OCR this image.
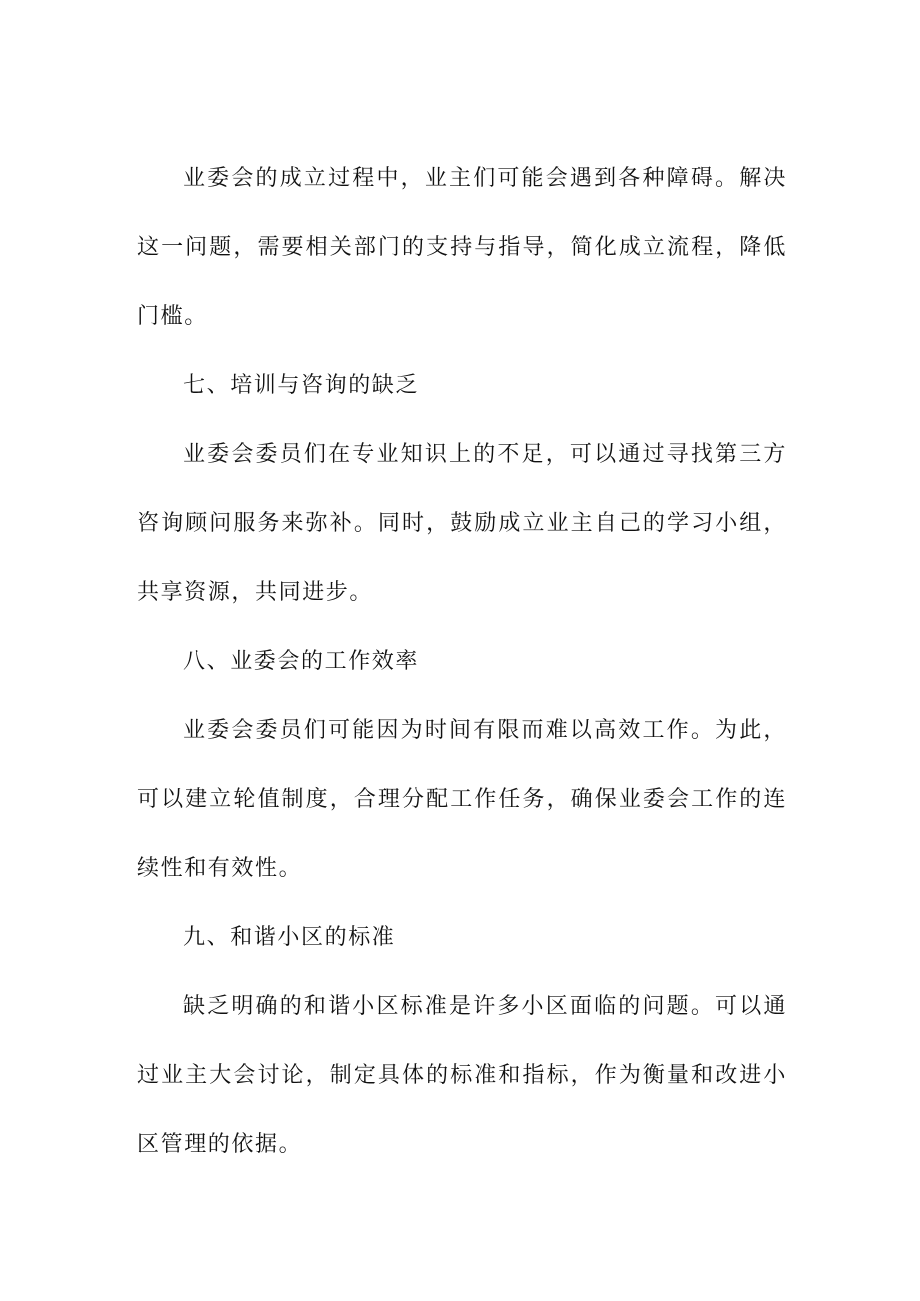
业委会的成立过程中，业主们可能会遇到各种障碍。解决这一问题，需要相关部门的支持与指导，简化成立流程，降低门槛。

七、培训与咨询的缺乏

业委会委员们在专业知识上的不足，可以通过寻找第三方咨询顾问服务来弥补。同时，鼓励成立业主自己的学习小组，共享资源，共同进步。

八、业委会的工作效率

业委会委员们可能因为时间有限而难以高效工作。为此，可以建立轮值制度，合理分配工作任务，确保业委会工作的连续性和有效性。

九、和谐小区的标准

缺乏明确的和谐小区标准是许多小区面临的问题。可以通过业主大会讨论，制定具体的标准和指标，作为衡量和改进小区管理的依据。
